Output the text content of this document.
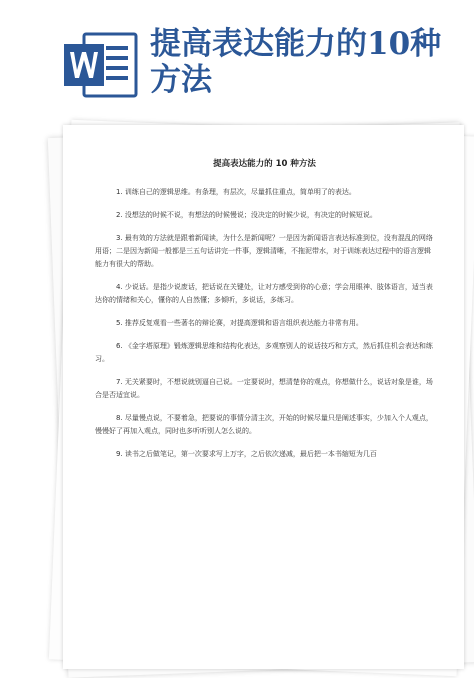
提高表达能力的10种方法
提高表达能力的 10 种方法

1. 训练自己的逻辑思维。有条理，有层次，尽量抓住重点，简单明了的表达。

2. 没想法的时候不说，有想法的时候慢说；没决定的时候少说，有决定的时候短说。

3. 最有效的方法就是跟着新闻读，为什么是新闻呢？一是因为新闻语言表达标准到位，没有混乱的网络用语；二是因为新闻一般都是三五句话讲完一件事，逻辑清晰，不拖泥带水，对于训练表达过程中的语言逻辑能力有很大的帮助。

4. 少说话。是指少说废话，把话说在关键处，让对方感受到你的心意；学会用眼神、肢体语言，适当表达你的情绪和关心，懂你的人自然懂；多倾听，多说话，多练习。

5. 推荐反复观看一些著名的辩论赛，对提高逻辑和语言组织表达能力非常有用。

6. 《金字塔原理》锻炼逻辑思维和结构化表达，多观察别人的说话技巧和方式，然后抓住机会表达和练习。

7. 无关紧要时，不想说就别逼自己说。一定要说时，想清楚你的观点，你想做什么，说话对象是谁，场合是否适宜说。

8. 尽量慢点说，不要着急，把要说的事情分清主次，开始的时候尽量只是阐述事实，少加入个人观点，慢慢好了再加入观点，同时也多听听别人怎么说的。

9. 读书之后做笔记，第一次要求写上万字，之后依次递减，最后把一本书缩短为几百
